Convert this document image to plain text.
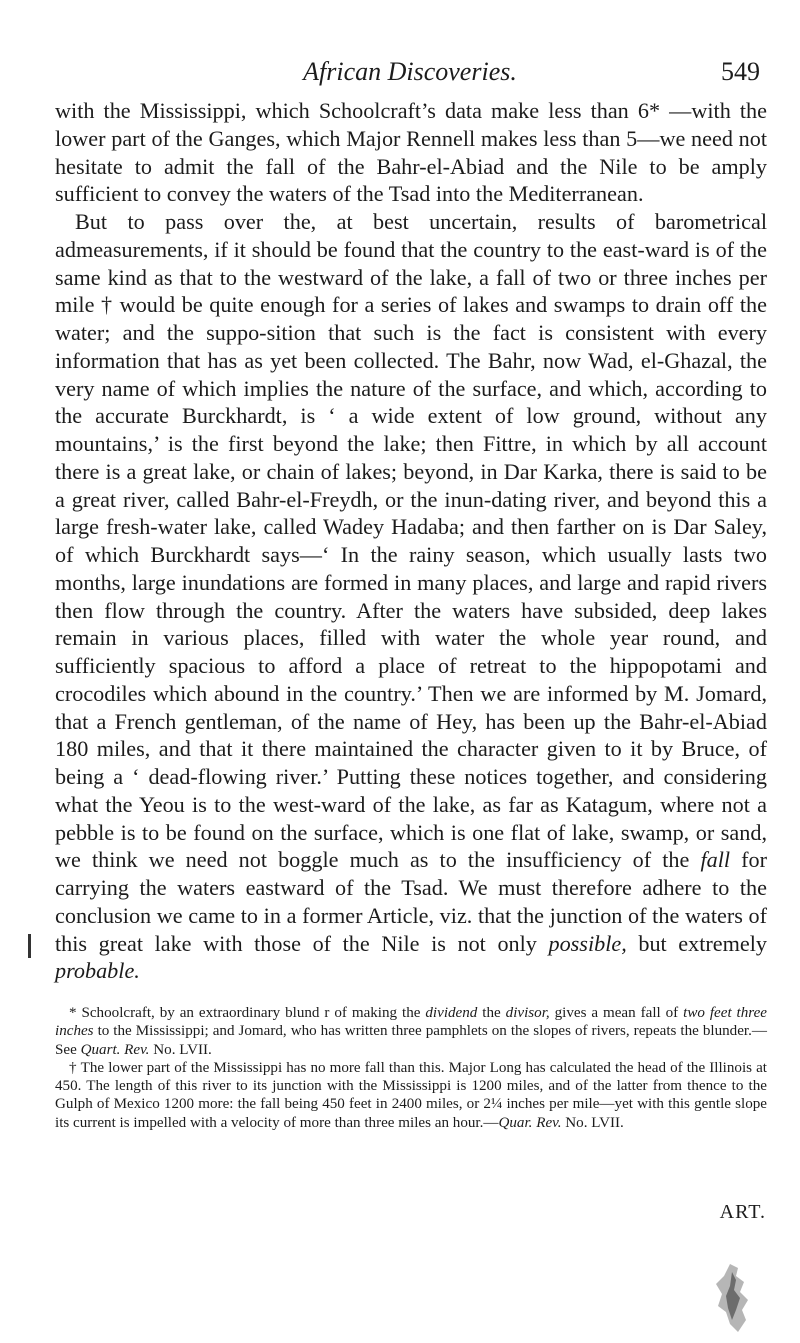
African Discoveries.	549

with the Mississippi, which Schoolcraft’s data make less than 6* —with the lower part of the Ganges, which Major Rennell makes less than 5—we need not hesitate to admit the fall of the Bahr-el-Abiad and the Nile to be amply sufficient to convey the waters of the Tsad into the Mediterranean.

But to pass over the, at best uncertain, results of barometrical admeasurements, if it should be found that the country to the east-ward is of the same kind as that to the westward of the lake, a fall of two or three inches per mile † would be quite enough for a series of lakes and swamps to drain off the water; and the suppo-sition that such is the fact is consistent with every information that has as yet been collected. The Bahr, now Wad, el-Ghazal, the very name of which implies the nature of the surface, and which, according to the accurate Burckhardt, is ‘ a wide extent of low ground, without any mountains,’ is the first beyond the lake; then Fittre, in which by all account there is a great lake, or chain of lakes; beyond, in Dar Karka, there is said to be a great river, called Bahr-el-Freydh, or the inun-dating river, and beyond this a large fresh-water lake, called Wadey Hadaba; and then farther on is Dar Saley, of which Burckhardt says—‘ In the rainy season, which usually lasts two months, large inundations are formed in many places, and large and rapid rivers then flow through the country. After the waters have subsided, deep lakes remain in various places, filled with water the whole year round, and sufficiently spacious to afford a place of retreat to the hippopotami and crocodiles which abound in the country.’ Then we are informed by M. Jomard, that a French gentleman, of the name of Hey, has been up the Bahr-el-Abiad 180 miles, and that it there maintained the character given to it by Bruce, of being a ‘ dead-flowing river.’ Putting these notices together, and considering what the Yeou is to the west-ward of the lake, as far as Katagum, where not a pebble is to be found on the surface, which is one flat of lake, swamp, or sand, we think we need not boggle much as to the insufficiency of the fall for carrying the waters eastward of the Tsad. We must therefore adhere to the conclusion we came to in a former Article, viz. that the junction of the waters of this great lake with those of the Nile is not only possible, but extremely probable.

* Schoolcraft, by an extraordinary blund r of making the dividend the divisor, gives a mean fall of two feet three inches to the Mississippi; and Jomard, who has written three pamphlets on the slopes of rivers, repeats the blunder.—See Quart. Rev. No. LVII.

† The lower part of the Mississippi has no more fall than this. Major Long has calculated the head of the Illinois at 450. The length of this river to its junction with the Mississippi is 1200 miles, and of the latter from thence to the Gulph of Mexico 1200 more: the fall being 450 feet in 2400 miles, or 2¼ inches per mile—yet with this gentle slope its current is impelled with a velocity of more than three miles an hour.—Quar. Rev. No. LVII.

ART.
